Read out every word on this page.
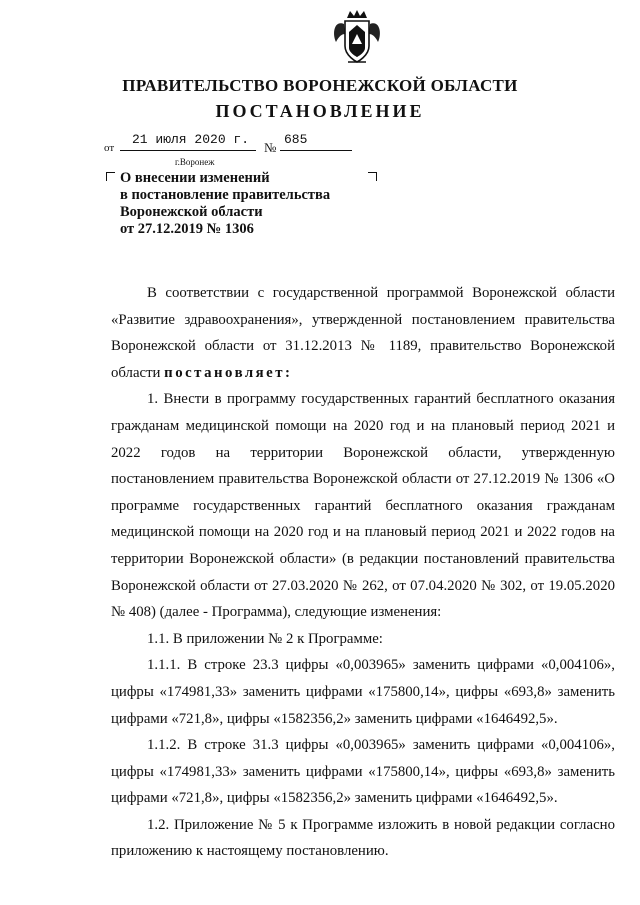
ПРАВИТЕЛЬСТВО ВОРОНЕЖСКОЙ ОБЛАСТИ
ПОСТАНОВЛЕНИЕ
от
21 июля 2020 г.
№
685
г.Воронеж
О внесении изменений
в постановление правительства
Воронежской области
от 27.12.2019 № 1306

В соответствии с государственной программой Воронежской области «Развитие здравоохранения», утвержденной постановлением правительства Воронежской области от 31.12.2013 № 1189, правительство Воронежской области постановляет:

1. Внести в программу государственных гарантий бесплатного оказания гражданам медицинской помощи на 2020 год и на плановый период 2021 и 2022 годов на территории Воронежской области, утвержденную постановлением правительства Воронежской области от 27.12.2019 № 1306 «О программе государственных гарантий бесплатного оказания гражданам медицинской помощи на 2020 год и на плановый период 2021 и 2022 годов на территории Воронежской области» (в редакции постановлений правительства Воронежской области от 27.03.2020 № 262, от 07.04.2020 № 302, от 19.05.2020 № 408) (далее - Программа), следующие изменения:

1.1. В приложении № 2 к Программе:

1.1.1. В строке 23.3 цифры «0,003965» заменить цифрами «0,004106», цифры «174981,33» заменить цифрами «175800,14», цифры «693,8» заменить цифрами «721,8», цифры «1582356,2» заменить цифрами «1646492,5».

1.1.2. В строке 31.3 цифры «0,003965» заменить цифрами «0,004106», цифры «174981,33» заменить цифрами «175800,14», цифры «693,8» заменить цифрами «721,8», цифры «1582356,2» заменить цифрами «1646492,5».

1.2. Приложение № 5 к Программе изложить в новой редакции согласно приложению к настоящему постановлению.
